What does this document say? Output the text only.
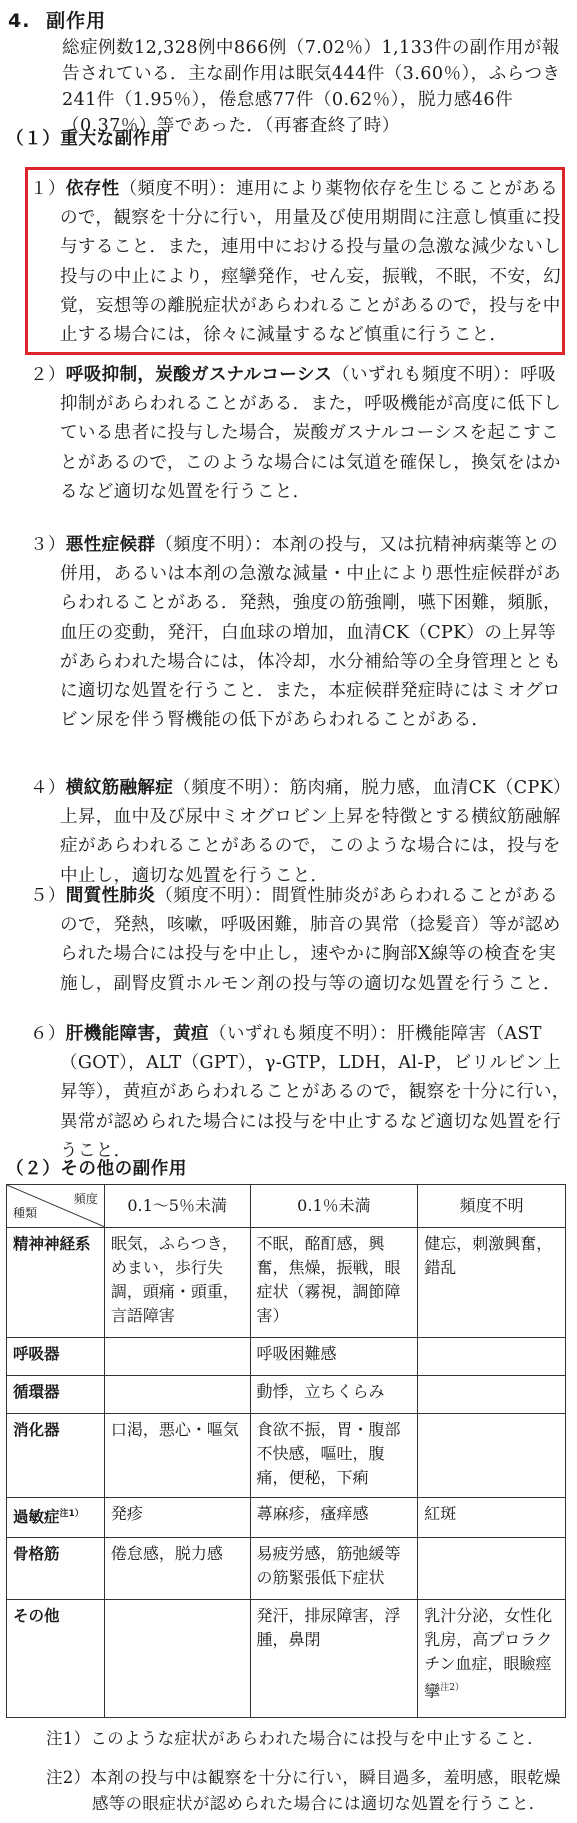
4. 副作用
総症例数12,328例中866例（7.02％）1,133件の副作用が報告されている．主な副作用は眠気444件（3.60％），ふらつき241件（1.95％），倦怠感77件（0.62％），脱力感46件（0.37％）等であった．（再審査終了時）
（１）重大な副作用
１）依存性（頻度不明）：連用により薬物依存を生じることがあるので，観察を十分に行い，用量及び使用期間に注意し慎重に投与すること．また，連用中における投与量の急激な減少ないし投与の中止により，痙攣発作，せん妄，振戦，不眠，不安，幻覚，妄想等の離脱症状があらわれることがあるので，投与を中止する場合には，徐々に減量するなど慎重に行うこと．
２）呼吸抑制，炭酸ガスナルコーシス（いずれも頻度不明）：呼吸抑制があらわれることがある．また，呼吸機能が高度に低下している患者に投与した場合，炭酸ガスナルコーシスを起こすことがあるので，このような場合には気道を確保し，換気をはかるなど適切な処置を行うこと．
３）悪性症候群（頻度不明）：本剤の投与，又は抗精神病薬等との併用，あるいは本剤の急激な減量・中止により悪性症候群があらわれることがある．発熱，強度の筋強剛，嚥下困難，頻脈，血圧の変動，発汗，白血球の増加，血清CK（CPK）の上昇等があらわれた場合には，体冷却，水分補給等の全身管理とともに適切な処置を行うこと．また，本症候群発症時にはミオグロビン尿を伴う腎機能の低下があらわれることがある．
４）横紋筋融解症（頻度不明）：筋肉痛，脱力感，血清CK（CPK）上昇，血中及び尿中ミオグロビン上昇を特徴とする横紋筋融解症があらわれることがあるので，このような場合には，投与を中止し，適切な処置を行うこと．
５）間質性肺炎（頻度不明）：間質性肺炎があらわれることがあるので，発熱，咳嗽，呼吸困難，肺音の異常（捻髪音）等が認められた場合には投与を中止し，速やかに胸部X線等の検査を実施し，副腎皮質ホルモン剤の投与等の適切な処置を行うこと．
６）肝機能障害，黄疸（いずれも頻度不明）：肝機能障害（AST（GOT），ALT（GPT），γ-GTP，LDH，Al-P，ビリルビン上昇等），黄疸があらわれることがあるので，観察を十分に行い，異常が認められた場合には投与を中止するなど適切な処置を行うこと．
（２）その他の副作用
頻度
種類	0.1～5％未満	0.1％未満	頻度不明
精神神経系	眠気，ふらつき，めまい，歩行失調，頭痛・頭重，言語障害	不眠，酩酊感，興奮，焦燥，振戦，眼症状（霧視，調節障害）	健忘，刺激興奮，錯乱
呼吸器		呼吸困難感	
循環器		動悸，立ちくらみ	
消化器	口渇，悪心・嘔気	食欲不振，胃・腹部不快感，嘔吐，腹痛，便秘，下痢	
過敏症$^{注1)}$	発疹	蕁麻疹，瘙痒感	紅斑
骨格筋	倦怠感，脱力感	易疲労感，筋弛緩等の筋緊張低下症状	
その他		発汗，排尿障害，浮腫，鼻閉	乳汁分泌，女性化乳房，高プロラクチン血症，眼瞼痙攣$^{注2)}$
注1）このような症状があらわれた場合には投与を中止すること．
注2）本剤の投与中は観察を十分に行い，瞬目過多，羞明感，眼乾燥感等の眼症状が認められた場合には適切な処置を行うこと．
